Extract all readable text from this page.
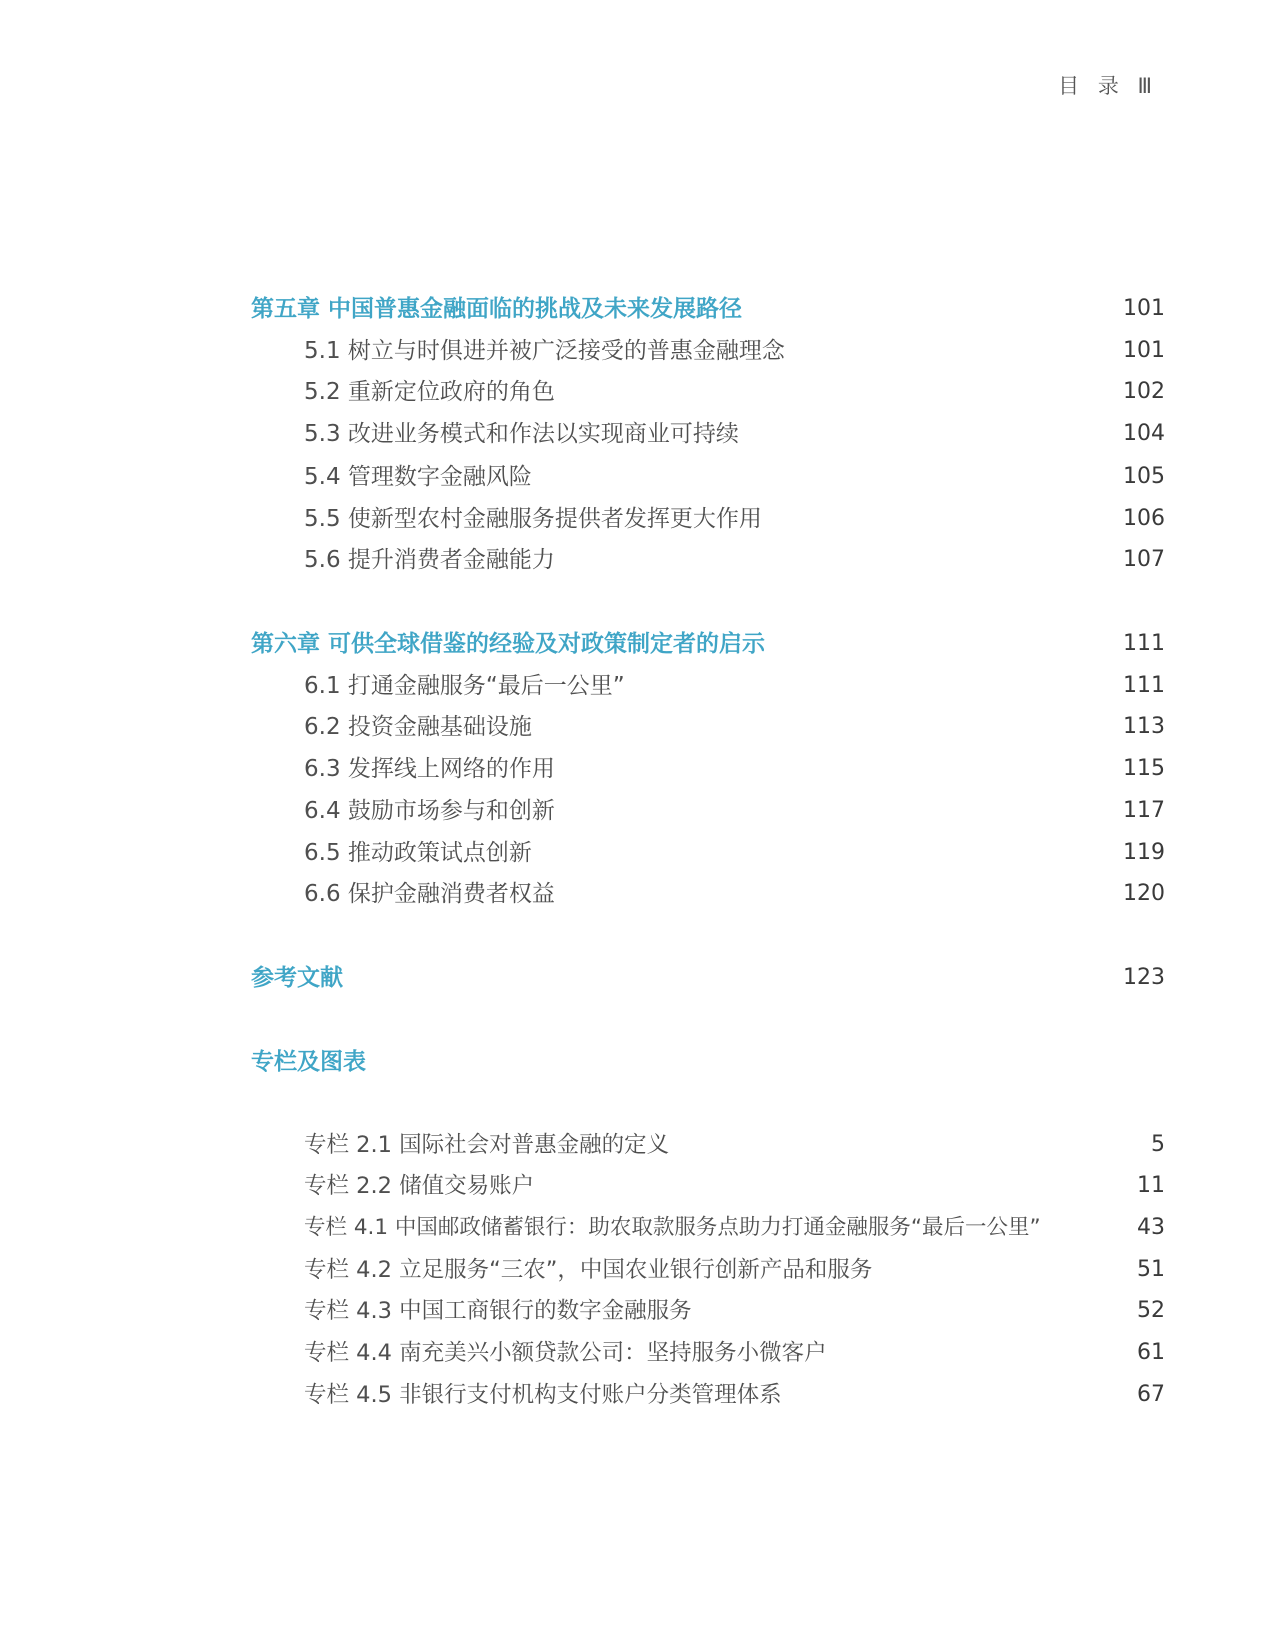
目 录 Ⅲ
第五章 中国普惠金融面临的挑战及未来发展路径	101
5.1 树立与时俱进并被广泛接受的普惠金融理念	101
5.2 重新定位政府的角色	102
5.3 改进业务模式和作法以实现商业可持续	104
5.4 管理数字金融风险	105
5.5 使新型农村金融服务提供者发挥更大作用	106
5.6 提升消费者金融能力	107
第六章 可供全球借鉴的经验及对政策制定者的启示	111
6.1 打通金融服务“最后一公里”	111
6.2 投资金融基础设施	113
6.3 发挥线上网络的作用	115
6.4 鼓励市场参与和创新	117
6.5 推动政策试点创新	119
6.6 保护金融消费者权益	120
参考文献	123
专栏及图表
专栏 2.1 国际社会对普惠金融的定义	5
专栏 2.2 储值交易账户	11
专栏 4.1 中国邮政储蓄银行：助农取款服务点助力打通金融服务“最后一公里”	43
专栏 4.2 立足服务“三农”，中国农业银行创新产品和服务	51
专栏 4.3 中国工商银行的数字金融服务	52
专栏 4.4 南充美兴小额贷款公司：坚持服务小微客户	61
专栏 4.5 非银行支付机构支付账户分类管理体系	67
